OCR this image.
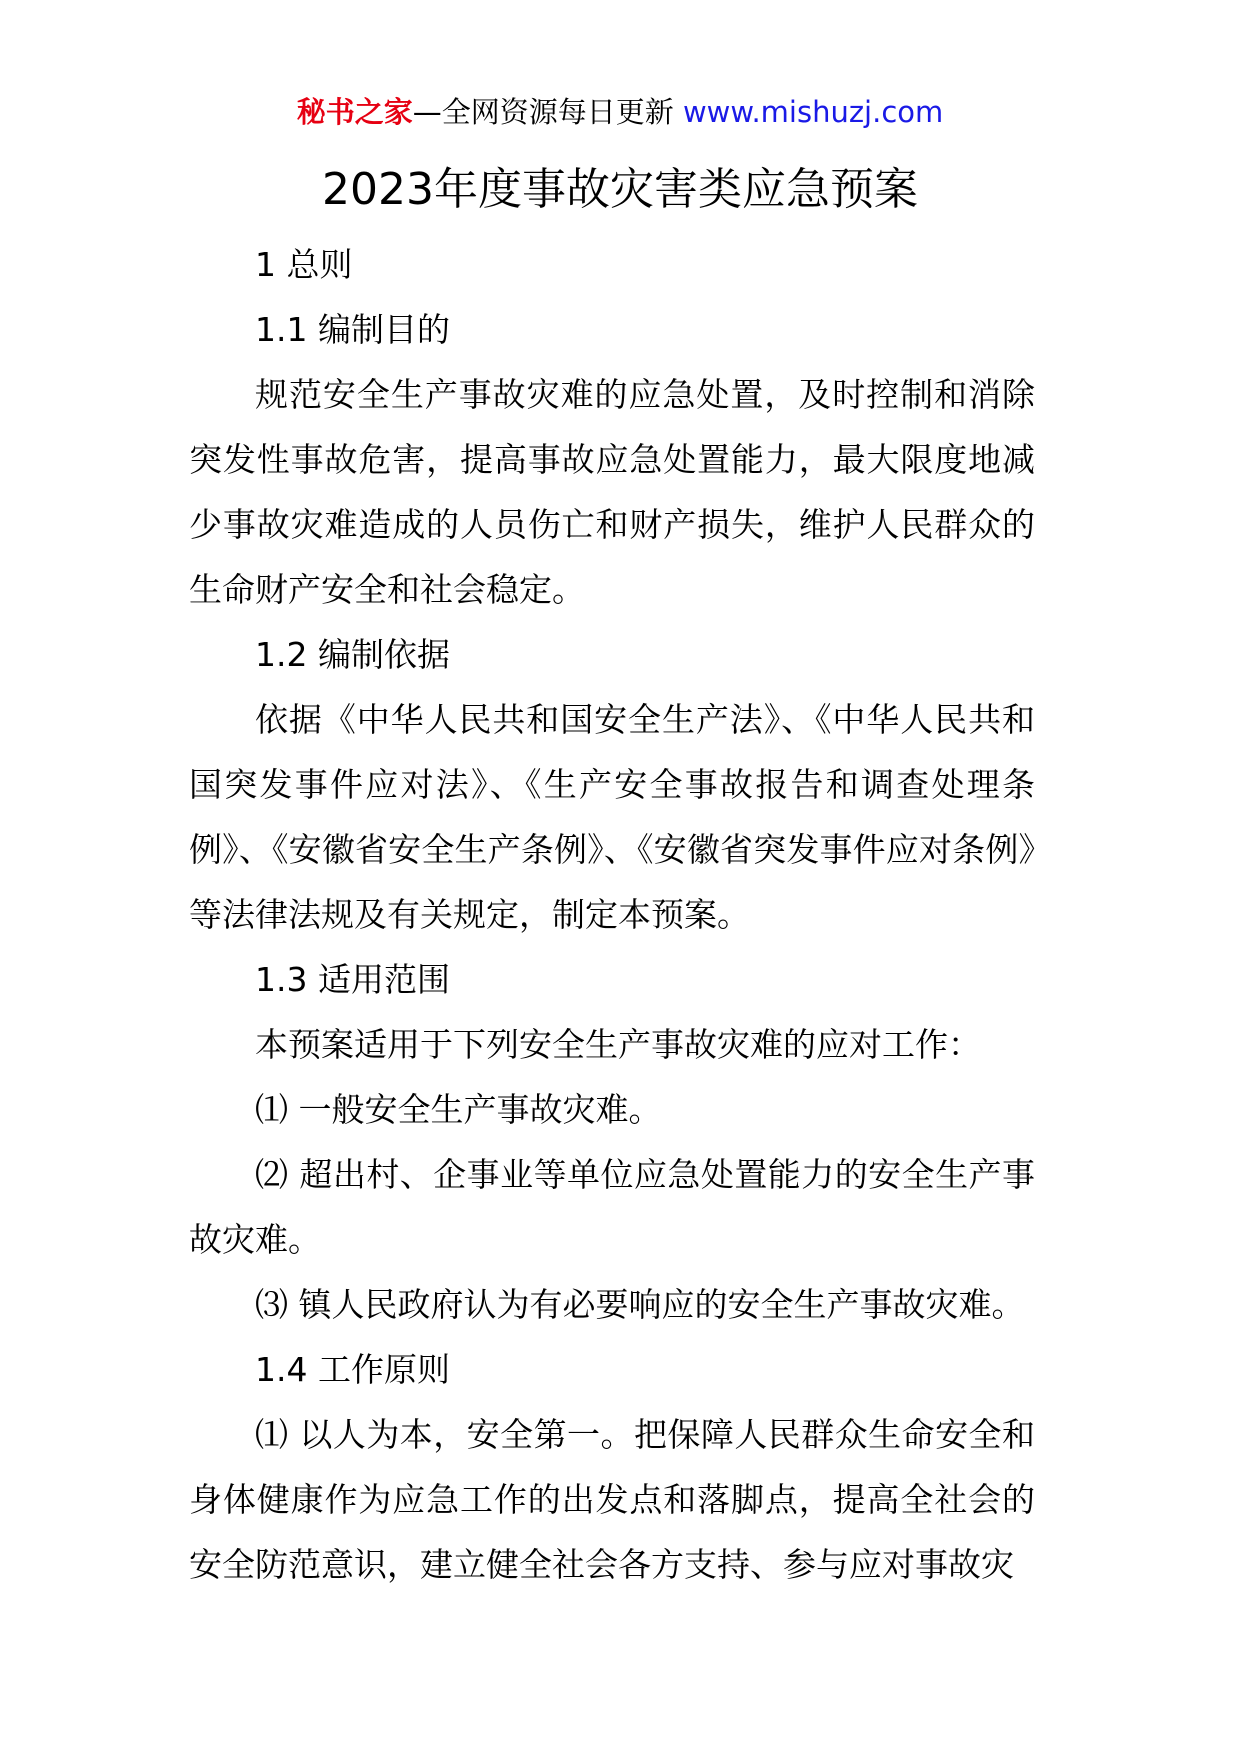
秘书之家—全网资源每日更新 www.mishuzj.com
2023年度事故灾害类应急预案

1 总则

1.1 编制目的

规范安全生产事故灾难的应急处置，及时控制和消除突发性事故危害，提高事故应急处置能力，最大限度地减少事故灾难造成的人员伤亡和财产损失，维护人民群众的生命财产安全和社会稳定。

1.2 编制依据

依据《中华人民共和国安全生产法》、《中华人民共和国突发事件应对法》、《生产安全事故报告和调查处理条例》、《安徽省安全生产条例》、《安徽省突发事件应对条例》等法律法规及有关规定，制定本预案。

1.3 适用范围

本预案适用于下列安全生产事故灾难的应对工作：

⑴ 一般安全生产事故灾难。

⑵ 超出村、企事业等单位应急处置能力的安全生产事故灾难。

⑶ 镇人民政府认为有必要响应的安全生产事故灾难。

1.4 工作原则

⑴ 以人为本，安全第一。把保障人民群众生命安全和身体健康作为应急工作的出发点和落脚点，提高全社会的安全防范意识，建立健全社会各方支持、参与应对事故灾
